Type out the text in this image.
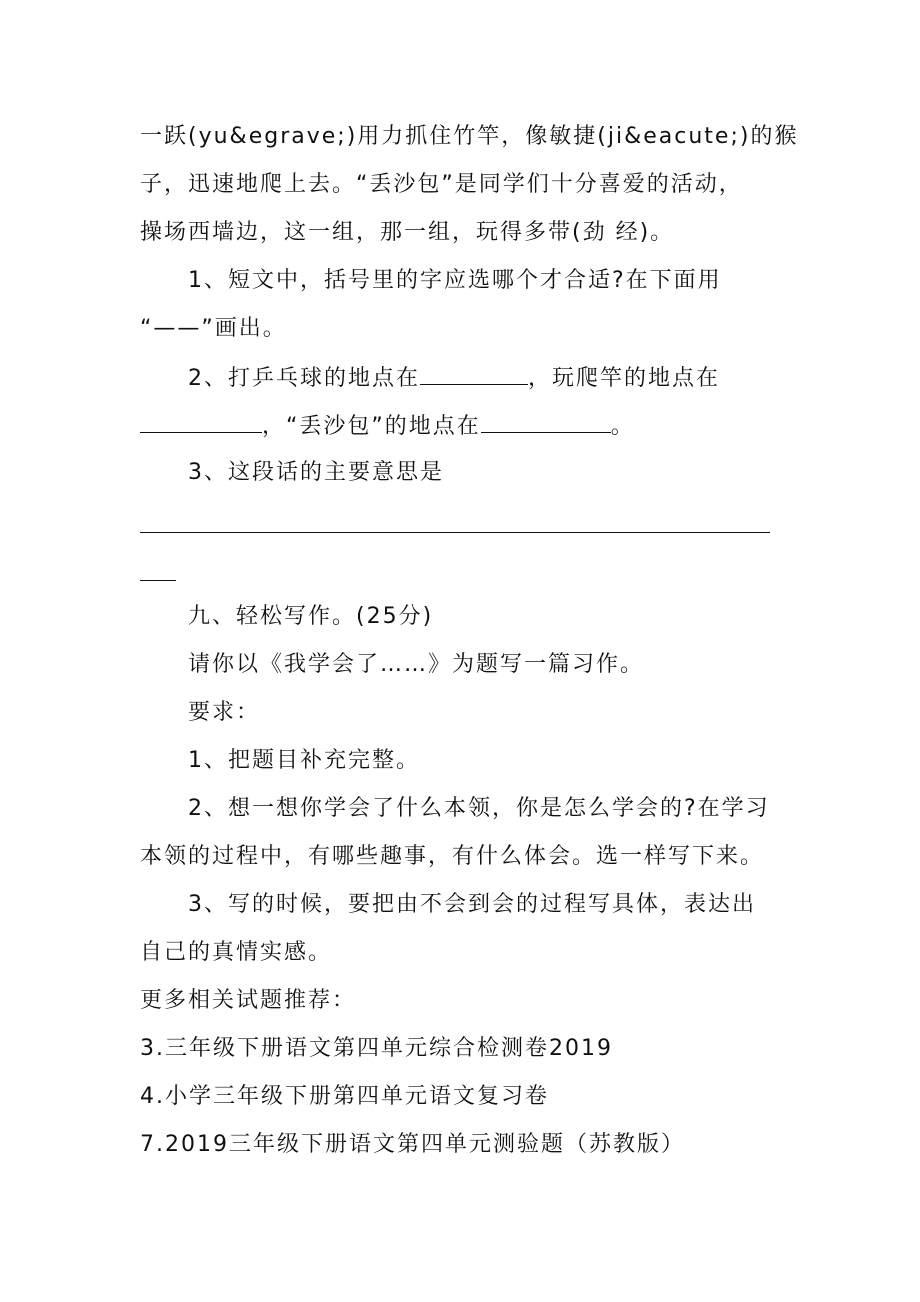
一跃(yu&egrave;)用力抓住竹竿，像敏捷(ji&eacute;)的猴
子，迅速地爬上去。“丢沙包”是同学们十分喜爱的活动，
操场西墙边，这一组，那一组，玩得多带(劲 经)。
1、短文中，括号里的字应选哪个才合适?在下面用
“——”画出。
2、打乒乓球的地点在	，玩爬竿的地点在
，“丢沙包”的地点在	。
3、这段话的主要意思是
九、轻松写作。(25分)
请你以《我学会了……》为题写一篇习作。
要求：
1、把题目补充完整。
2、想一想你学会了什么本领，你是怎么学会的?在学习
本领的过程中，有哪些趣事，有什么体会。选一样写下来。
3、写的时候，要把由不会到会的过程写具体，表达出
自己的真情实感。
更多相关试题推荐：
3.三年级下册语文第四单元综合检测卷2019
4.小学三年级下册第四单元语文复习卷
7.2019三年级下册语文第四单元测验题（苏教版）
